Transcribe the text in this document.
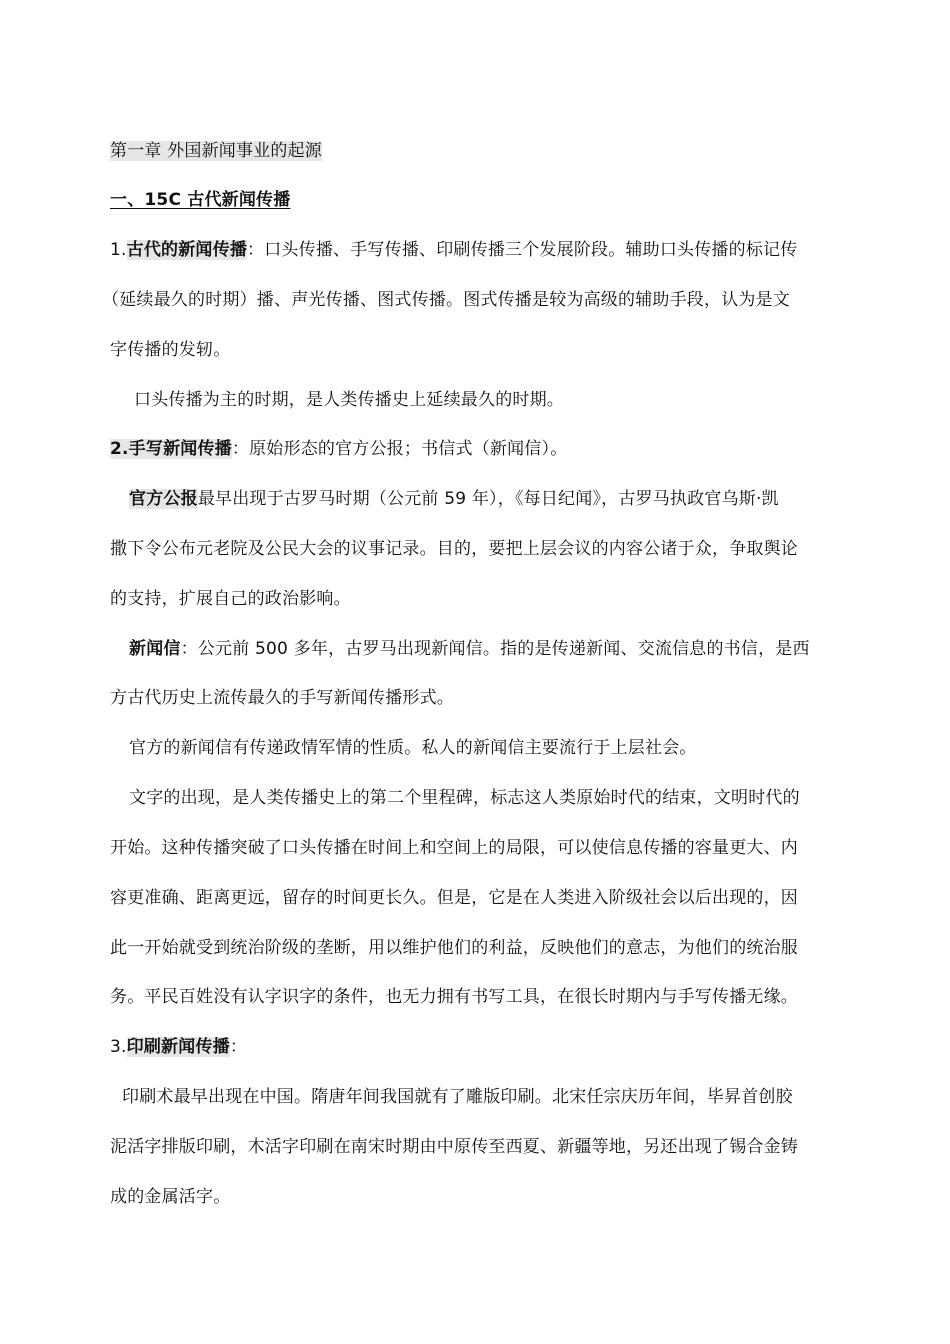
第一章 外国新闻事业的起源
一、15C 古代新闻传播
1.古代的新闻传播：口头传播、手写传播、印刷传播三个发展阶段。辅助口头传播的标记传
（延续最久的时期）播、声光传播、图式传播。图式传播是较为高级的辅助手段，认为是文
字传播的发轫。
口头传播为主的时期，是人类传播史上延续最久的时期。
2.手写新闻传播：原始形态的官方公报；书信式（新闻信）。
官方公报最早出现于古罗马时期（公元前 59 年），《每日纪闻》，古罗马执政官乌斯·凯
撒下令公布元老院及公民大会的议事记录。目的，要把上层会议的内容公诸于众，争取舆论
的支持，扩展自己的政治影响。
新闻信：公元前 500 多年，古罗马出现新闻信。指的是传递新闻、交流信息的书信，是西
方古代历史上流传最久的手写新闻传播形式。
官方的新闻信有传递政情军情的性质。私人的新闻信主要流行于上层社会。
文字的出现，是人类传播史上的第二个里程碑，标志这人类原始时代的结束，文明时代的
开始。这种传播突破了口头传播在时间上和空间上的局限，可以使信息传播的容量更大、内
容更准确、距离更远，留存的时间更长久。但是，它是在人类进入阶级社会以后出现的，因
此一开始就受到统治阶级的垄断，用以维护他们的利益，反映他们的意志，为他们的统治服
务。平民百姓没有认字识字的条件，也无力拥有书写工具，在很长时期内与手写传播无缘。
3.印刷新闻传播：
印刷术最早出现在中国。隋唐年间我国就有了雕版印刷。北宋任宗庆历年间，毕昇首创胶
泥活字排版印刷，木活字印刷在南宋时期由中原传至西夏、新疆等地，另还出现了锡合金铸
成的金属活字。
